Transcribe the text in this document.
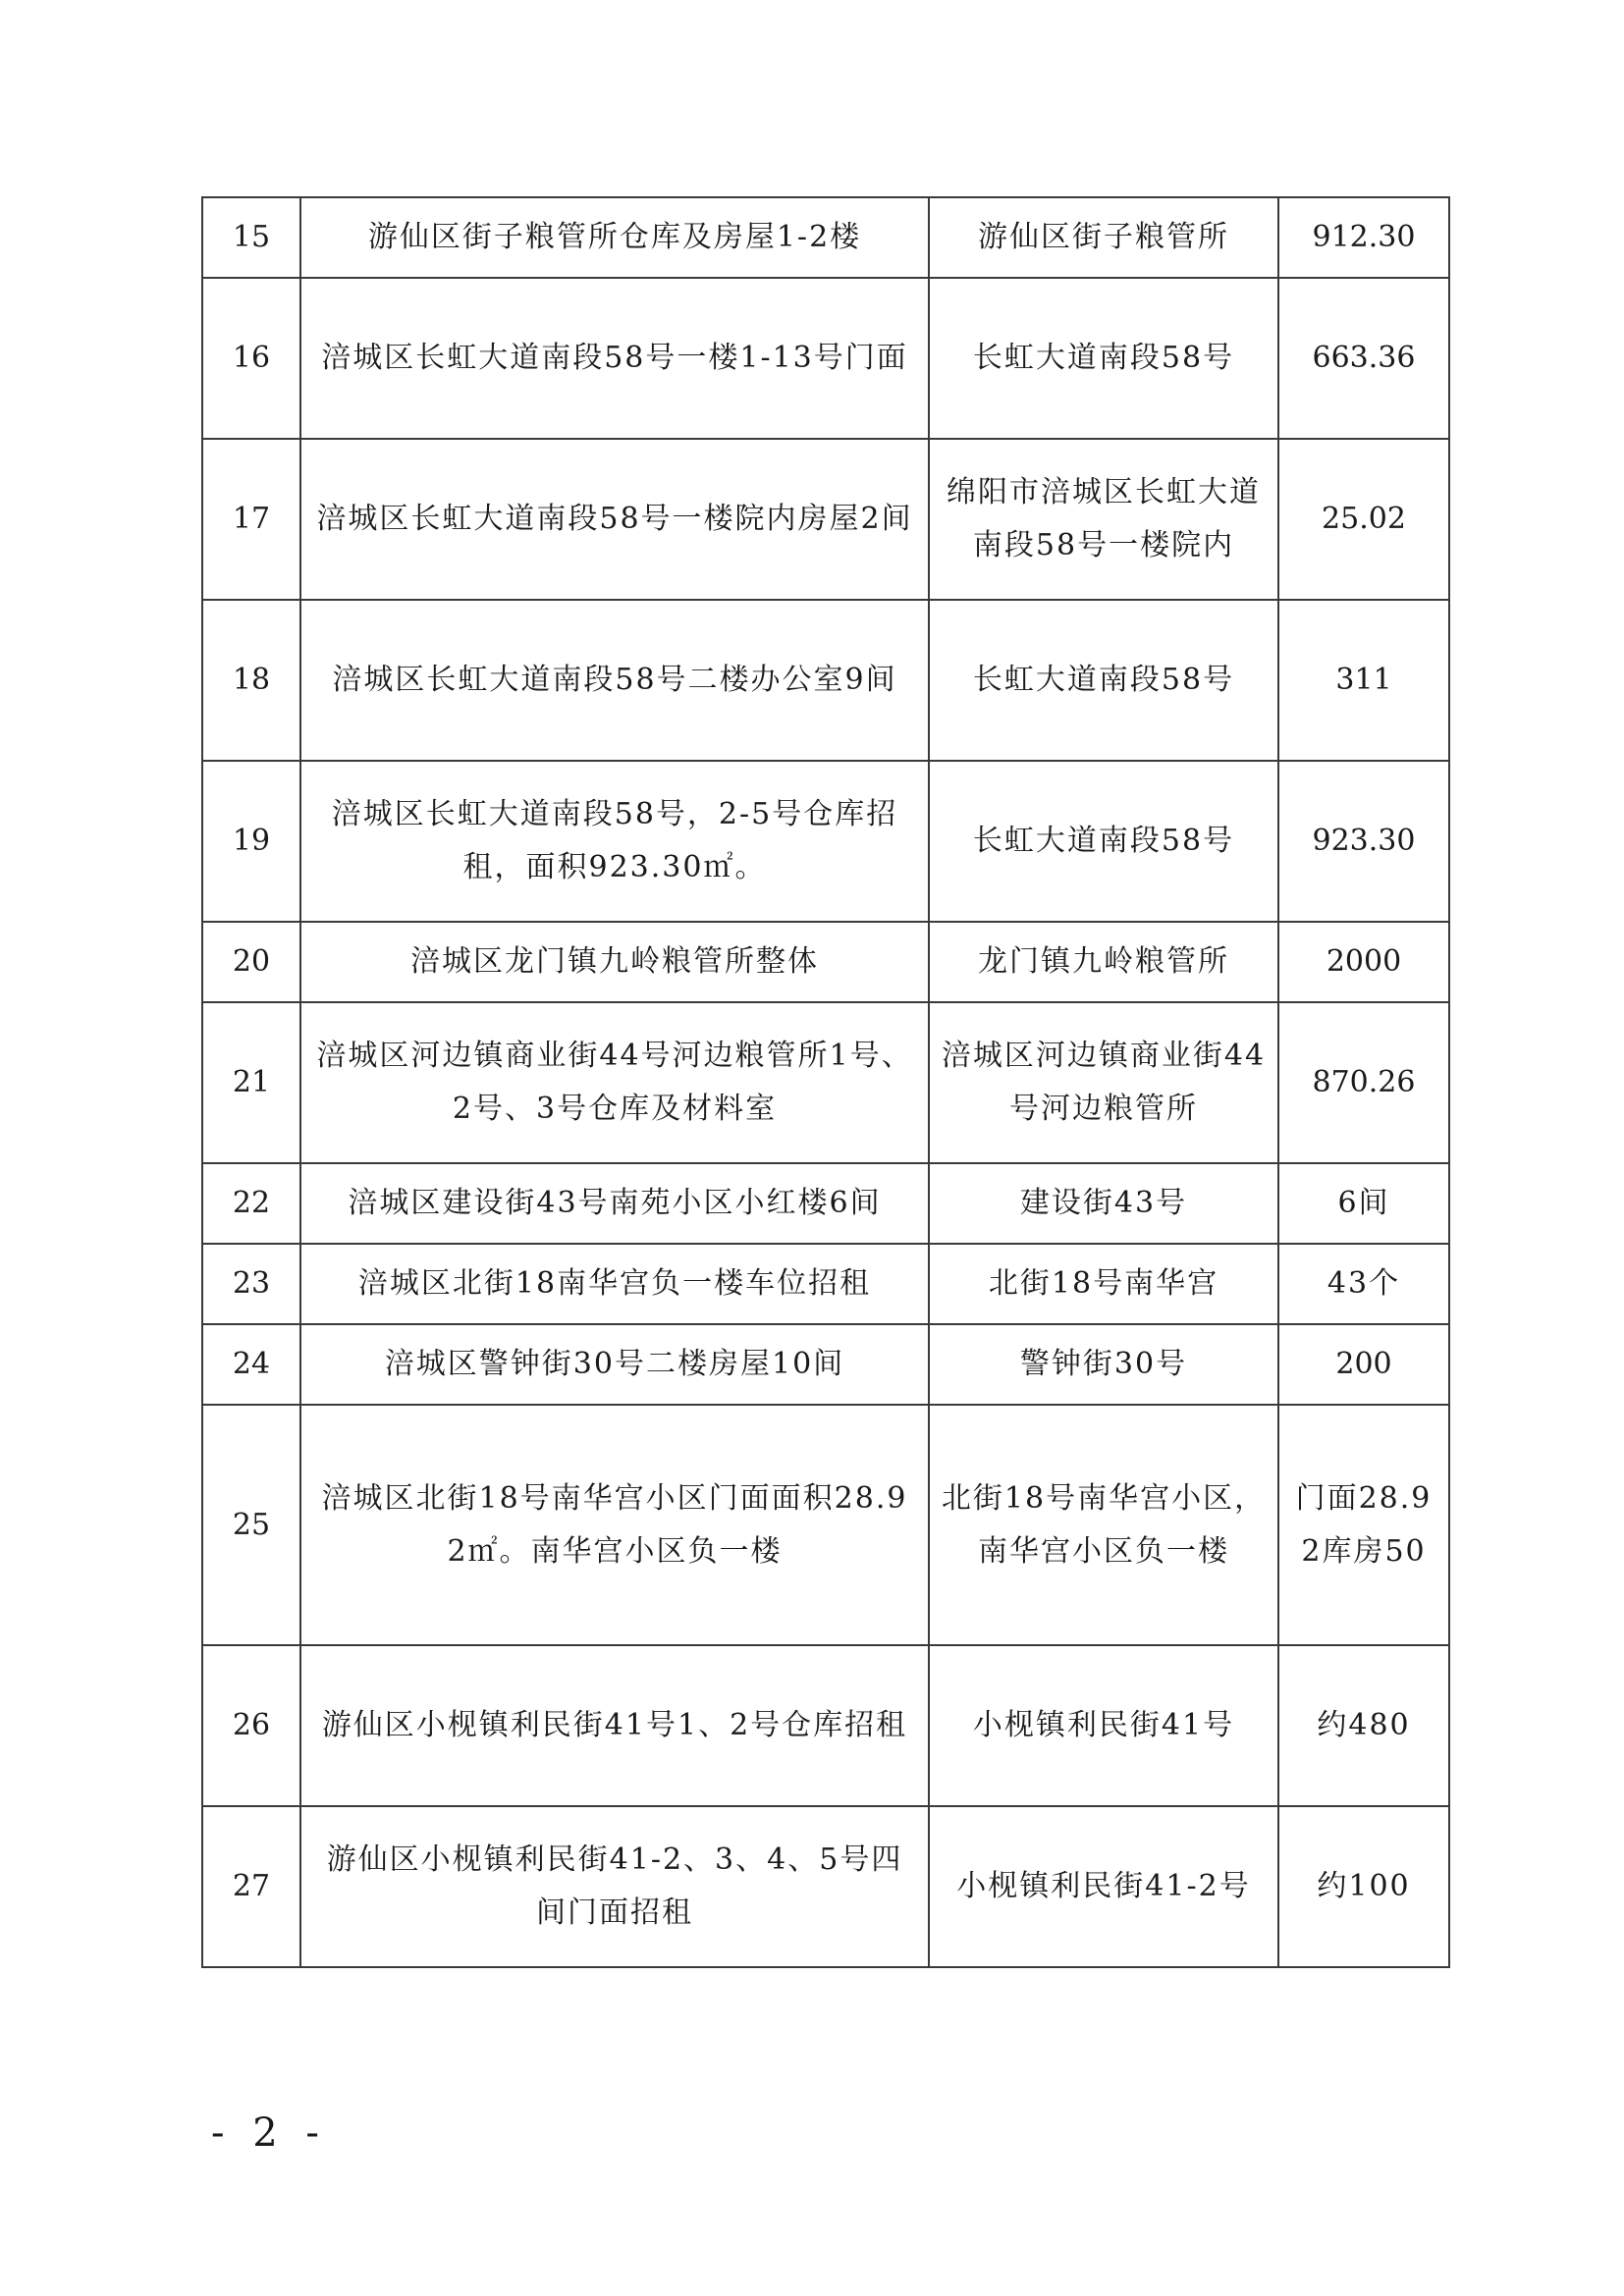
15	游仙区街子粮管所仓库及房屋1-2楼	游仙区街子粮管所	912.30
16	涪城区长虹大道南段58号一楼1-13号门面	长虹大道南段58号	663.36
17	涪城区长虹大道南段58号一楼院内房屋2间	绵阳市涪城区长虹大道南段58号一楼院内	25.02
18	涪城区长虹大道南段58号二楼办公室9间	长虹大道南段58号	311
19	涪城区长虹大道南段58号，2-5号仓库招租，面积923.30㎡。	长虹大道南段58号	923.30
20	涪城区龙门镇九岭粮管所整体	龙门镇九岭粮管所	2000
21	涪城区河边镇商业街44号河边粮管所1号、2号、3号仓库及材料室	涪城区河边镇商业街44号河边粮管所	870.26
22	涪城区建设街43号南苑小区小红楼6间	建设街43号	6间
23	涪城区北街18南华宫负一楼车位招租	北街18号南华宫	43个
24	涪城区警钟街30号二楼房屋10间	警钟街30号	200
25	涪城区北街18号南华宫小区门面面积28.92㎡。南华宫小区负一楼	北街18号南华宫小区，南华宫小区负一楼	门面28.92库房50
26	游仙区小枧镇利民街41号1、2号仓库招租	小枧镇利民街41号	约480
27	游仙区小枧镇利民街41-2、3、4、5号四间门面招租	小枧镇利民街41-2号	约100
- 2 -
